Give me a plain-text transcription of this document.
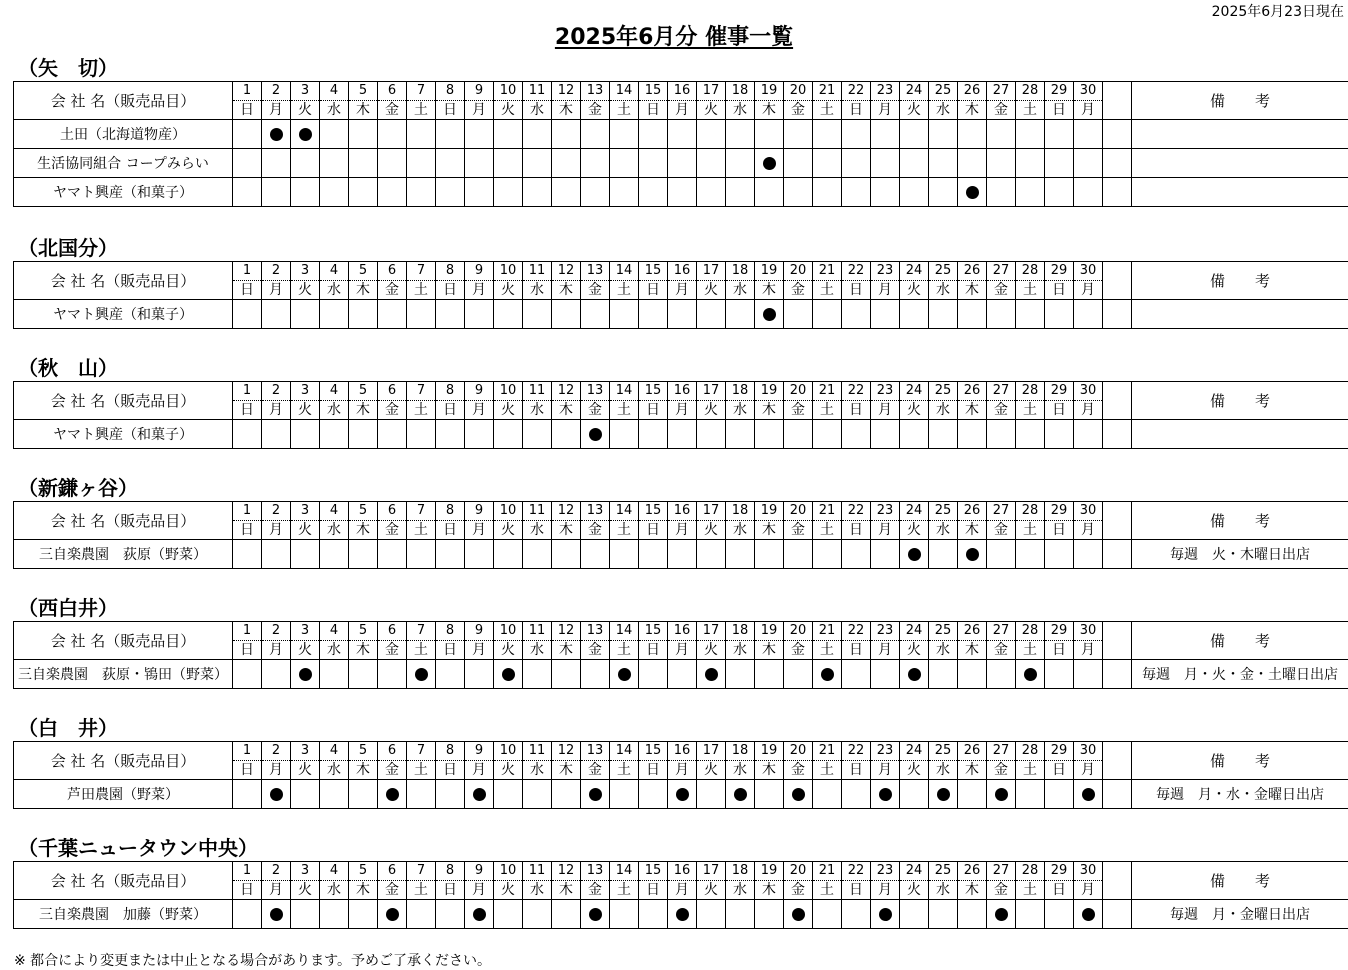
2025年6月23日現在
2025年6月分 催事一覧
（矢　切）
会 社 名（販売品目）	1	2	3	4	5	6	7	8	9	10	11	12	13	14	15	16	17	18	19	20	21	22	23	24	25	26	27	28	29	30		備　　考
	日	月	火	水	木	金	土	日	月	火	水	木	金	土	日	月	火	水	木	金	土	日	月	火	水	木	金	土	日	月		
土田（北海道物産）																																
生活協同組合 コープみらい																																
ヤマト興産（和菓子）																																
（北国分）
会 社 名（販売品目）	1	2	3	4	5	6	7	8	9	10	11	12	13	14	15	16	17	18	19	20	21	22	23	24	25	26	27	28	29	30		備　　考
	日	月	火	水	木	金	土	日	月	火	水	木	金	土	日	月	火	水	木	金	土	日	月	火	水	木	金	土	日	月		
ヤマト興産（和菓子）																																
（秋　山）
会 社 名（販売品目）	1	2	3	4	5	6	7	8	9	10	11	12	13	14	15	16	17	18	19	20	21	22	23	24	25	26	27	28	29	30		備　　考
	日	月	火	水	木	金	土	日	月	火	水	木	金	土	日	月	火	水	木	金	土	日	月	火	水	木	金	土	日	月		
ヤマト興産（和菓子）																																
（新鎌ヶ谷）
会 社 名（販売品目）	1	2	3	4	5	6	7	8	9	10	11	12	13	14	15	16	17	18	19	20	21	22	23	24	25	26	27	28	29	30		備　　考
	日	月	火	水	木	金	土	日	月	火	水	木	金	土	日	月	火	水	木	金	土	日	月	火	水	木	金	土	日	月		
三自楽農園　荻原（野菜）																																毎週　火・木曜日出店
（西白井）
会 社 名（販売品目）	1	2	3	4	5	6	7	8	9	10	11	12	13	14	15	16	17	18	19	20	21	22	23	24	25	26	27	28	29	30		備　　考
	日	月	火	水	木	金	土	日	月	火	水	木	金	土	日	月	火	水	木	金	土	日	月	火	水	木	金	土	日	月		
三自楽農園　荻原・鴇田（野菜）																																毎週　月・火・金・土曜日出店
（白　井）
会 社 名（販売品目）	1	2	3	4	5	6	7	8	9	10	11	12	13	14	15	16	17	18	19	20	21	22	23	24	25	26	27	28	29	30		備　　考
	日	月	火	水	木	金	土	日	月	火	水	木	金	土	日	月	火	水	木	金	土	日	月	火	水	木	金	土	日	月		
芦田農園（野菜）																																毎週　月・水・金曜日出店
（千葉ニュータウン中央）
会 社 名（販売品目）	1	2	3	4	5	6	7	8	9	10	11	12	13	14	15	16	17	18	19	20	21	22	23	24	25	26	27	28	29	30		備　　考
	日	月	火	水	木	金	土	日	月	火	水	木	金	土	日	月	火	水	木	金	土	日	月	火	水	木	金	土	日	月		
三自楽農園　加藤（野菜）																																毎週　月・金曜日出店

※ 都合により変更または中止となる場合があります。予めご了承ください。
